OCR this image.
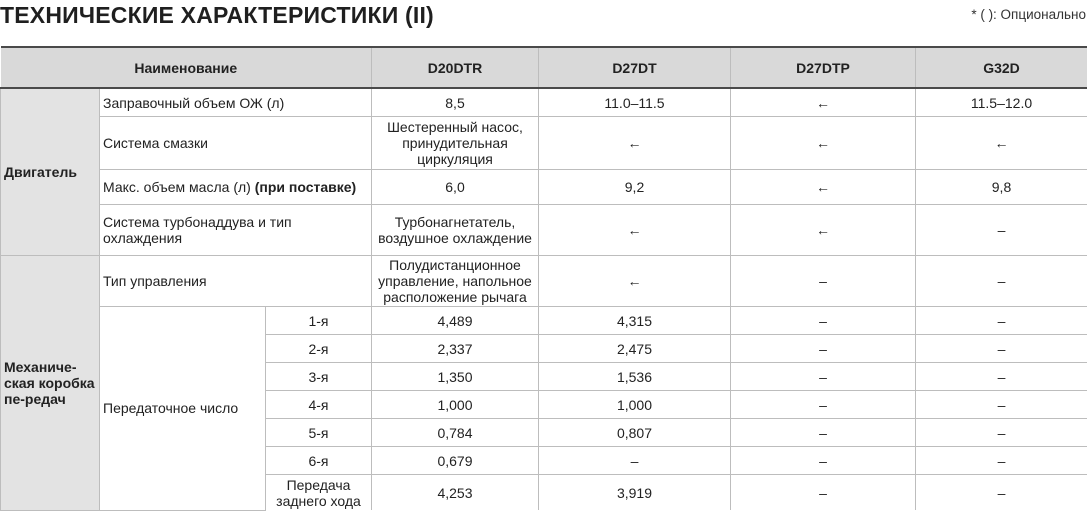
ТЕХНИЧЕСКИЕ ХАРАКТЕРИСТИКИ (II)	* ( ): Опционально
Наименование			D20DTR	D27DT	D27DTP	G32D
Двигатель	Заправочный объем ОЖ (л)		8,5	11.0–11.5	←	11.5–12.0
	Система смазки		Шестеренный насос, принудительная циркуляция	←	←	←
	Макс. объем масла (л) (при поставке)		6,0	9,2	←	9,8
	Система турбонаддува и тип охлаждения		Турбонагнетатель, воздушное охлаждение	←	←	–
Механиче-ская коробка пе-редач	Тип управления		Полудистанционное управление, напольное расположение рычага	←	–	–
	Передаточное число	1-я	4,489	4,315	–	–
		2-я	2,337	2,475	–	–
		3-я	1,350	1,536	–	–
		4-я	1,000	1,000	–	–
		5-я	0,784	0,807	–	–
		6-я	0,679	–	–	–
		Передача заднего хода	4,253	3,919	–	–
